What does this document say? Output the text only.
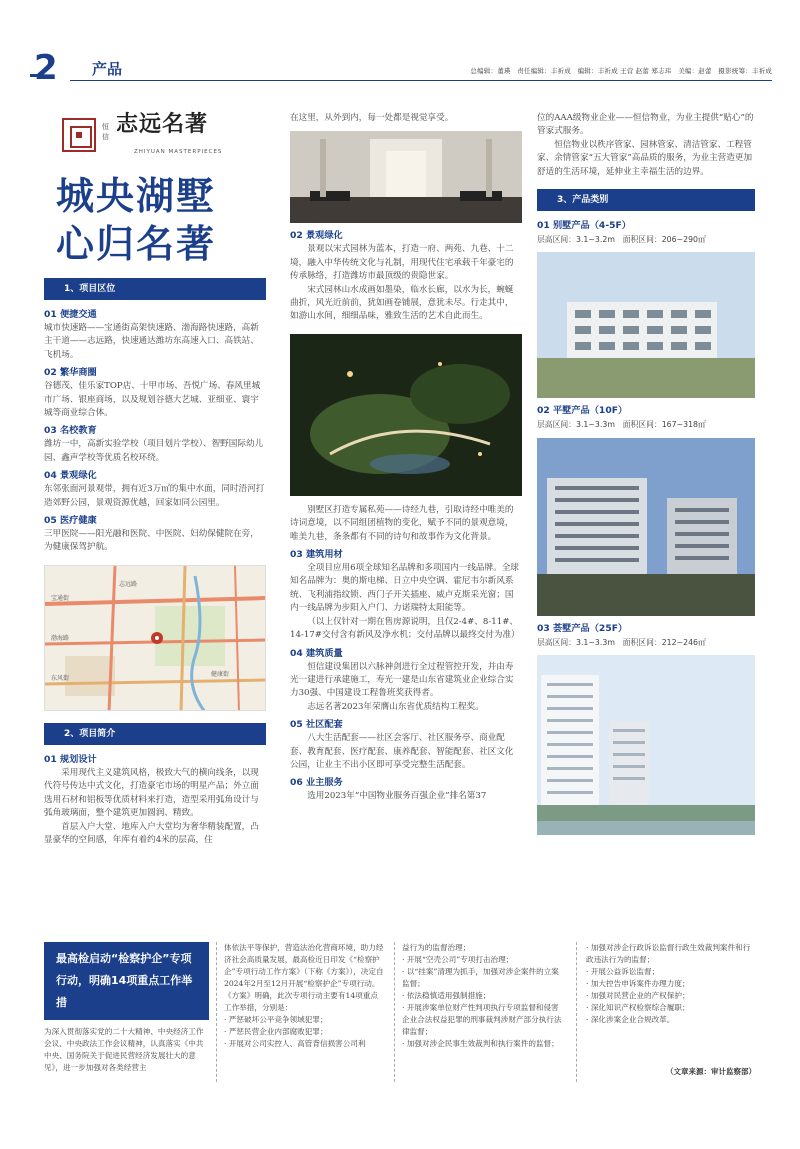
2 产品	总编辑：董瑛　责任编辑：丰祈成　编辑：丰祈成 王营 赵蕾 郑志玮　美编：赵蕾　摄影统筹：丰祈成
恒信 志远名著
ZHIYUAN MASTERPIECES
城央湖墅
心归名著
1、项目区位
01 便捷交通

城市快速路——宝通街高架快速路、渤海路快速路，高新主干道——志远路，快速通达潍坊东高速入口、高铁站、飞机场。

02 繁华商圈

谷德茂、佳乐家TOP店、十甲市场、吾悦广场、春风里城市广场、银座商场，以及规划谷德大艺城、亚细亚、寰宇城等商业综合体。

03 名校教育

潍坊一中，高新实验学校（项目划片学校）、智野国际幼儿园、鑫声学校等优质名校环绕。

04 景观绿化

东邻张面河景观带，拥有近3万㎡的集中水面，同时浯河打造郊野公园，景观资源优越，回家如同公园里。

05 医疗健康

三甲医院——阳光融和医院、中医院、妇幼保健院在旁，为健康保驾护航。

宝通街
志远路
渤海路
东风街
健康街
2、项目简介
01 规划设计

采用现代主义建筑风格，极致大气的横向线条，以现代符号传达中式文化，打造豪宅市场的明星产品；外立面选用石材和铝板等优质材料来打造，造型采用弧角设计与弧角玻璃面，整个建筑更加圆润、精致。

首层入户大堂、地库入户大堂均为奢华精装配置，凸显豪华的空间感，年库有着约4米的层高，住

在这里，从外到内，每一处都是视觉享受。

02 景观绿化

景观以宋式园林为蓝本，打造一府、两苑、九巷、十二境，融入中华传统文化与礼制，用现代住宅承载千年豪宅的传承脉络，打造潍坊市最顶级的贵隐世家。

宋式园林山水成画如墨染，临水长廊，以水为长，蜿蜒曲折，风光近前前，犹如画卷铺展，意犹未尽。行走其中，如游山水间，细细品味，雅致生活的艺术自此而生。

别墅区打造专属私苑——诗经九巷，引取诗经中唯美的诗词意境，以不同组团植物的变化，赋予不同的景观意境，唯美九巷，条条都有不同的诗句和故事作为文化背景。

03 建筑用材

全项目应用6项全球知名品牌和多项国内一线品牌。全球知名品牌为：奥的斯电梯、日立中央空调、霍尼韦尔新风系统、飞利浦指纹锁、西门子开关插座、威卢克斯采光窗；国内一线品牌为步阳入户门、力诺瑞特太阳能等。

（以上仅针对一期在售房源说明，且仅2-4#、8-11#、14-17#交付含有新风及净水机；交付品牌以最终交付为准）

04 建筑质量

恒信建设集团以六脉神剑进行全过程管控开发，并由寿光一建进行承建施工，寿光一建是山东省建筑业企业综合实力30强、中国建设工程鲁班奖获得者。

志远名著2023年荣膺山东省优质结构工程奖。

05 社区配套

八大生活配套——社区会客厅、社区服务亭、商业配套、教育配套、医疗配套、康养配套、智能配套、社区文化公园，让业主不出小区即可享受完整生活配套。

06 业主服务

选用2023年“中国物业服务百强企业”排名第37

位的AAA级物业企业——恒信物业，为业主提供“贴心”的管家式服务。

恒信物业以秩序管家、园林管家、清洁管家、工程管家、余情管家“五大管家”高品质的服务，为业主营造更加舒适的生活环境，延伸业主幸福生活的边界。

3、产品类别
01 别墅产品（4-5F）
层高区间：3.1~3.2m　面积区间：206~290㎡
02 平墅产品（10F）
层高区间：3.1~3.3m　面积区间：167~318㎡
03 荟墅产品（25F）
层高区间：3.1~3.3m　面积区间：212~246㎡
最高检启动“检察护企”专项行动，明确14项重点工作举措
为深入贯彻落实党的二十大精神、中央经济工作会议、中央政法工作会议精神，认真落实《中共中央、国务院关于促进民营经济发展壮大的意见》，进一步加强对各类经营主

体依法平等保护，营造法治化营商环境，助力经济社会高质量发展，最高检近日印发《“检察护企”专项行动工作方案》（下称《方案》），决定自2024年2月至12月开展“检察护企”专项行动。

《方案》明确，此次专项行动主要有14项重点工作举措，分别是：

· 严惩破坏公平竞争领域犯罪；

· 严惩民营企业内部腐败犯罪；

· 开展对公司实控人、高管背信损害公司利

益行为的监督治理；

· 开展“空壳公司”专项打击治理；

· 以“挂案”清理为抓手，加强对涉企案件的立案监督；

· 依法稳慎适用强制措施；

· 开展涉案单位财产性判项执行专项监督和侵害企业合法权益犯罪的刑事裁判涉财产部分执行法律监督；

· 加强对涉企民事生效裁判和执行案件的监督；

· 加强对涉企行政诉讼监督行政生效裁判案件和行政违法行为的监督；

· 开展公益诉讼监督；

· 加大控告申诉案件办理力度；

· 加强对民营企业的产权保护；

· 深化知识产权检察综合履职；

· 深化涉案企业合规改革。

（文章来源：审计监察部）
